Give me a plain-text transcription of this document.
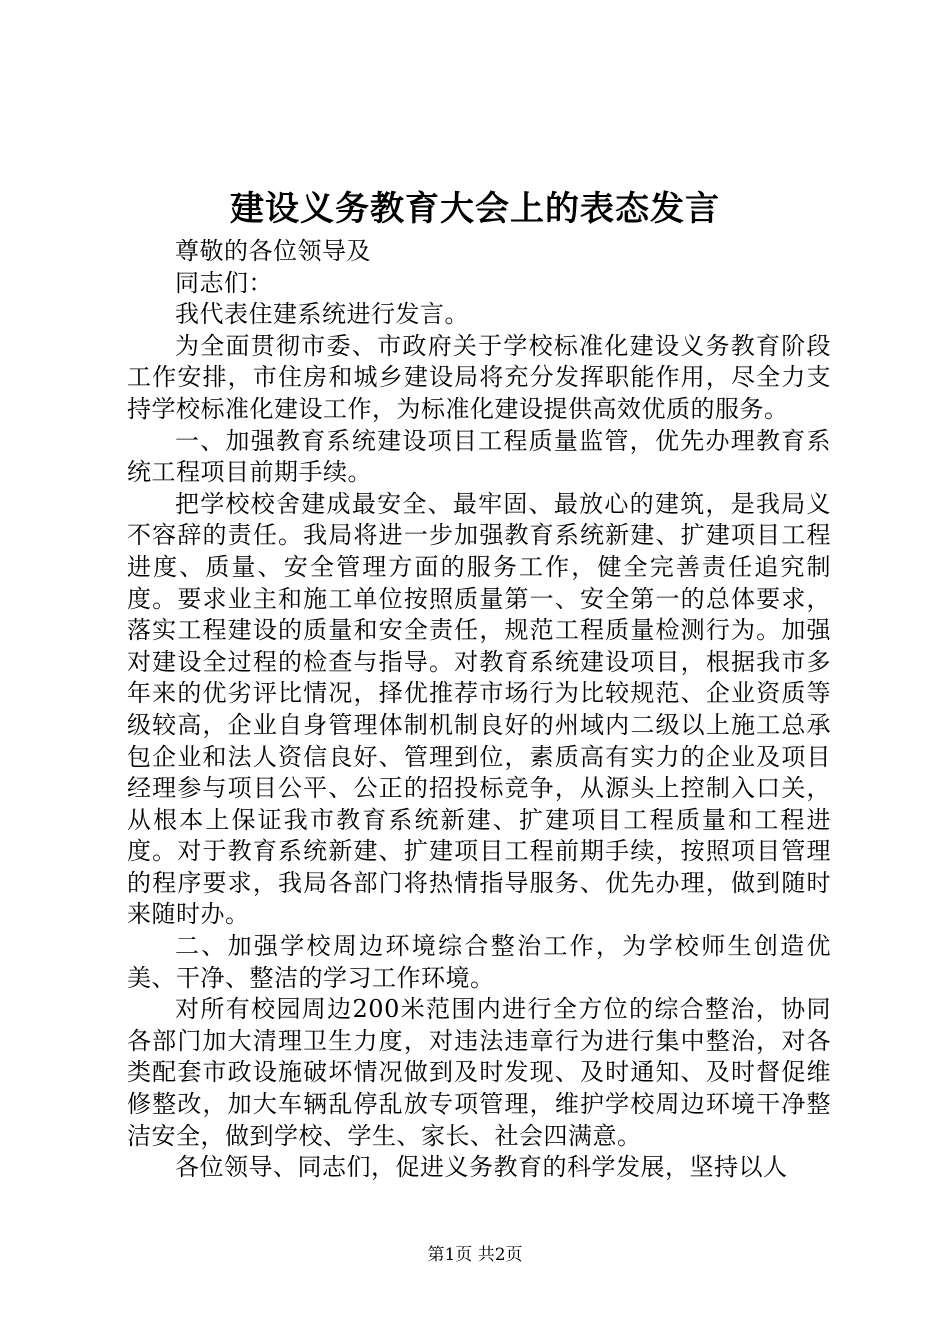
建设义务教育大会上的表态发言

尊敬的各位领导及

同志们：

我代表住建系统进行发言。

为全面贯彻市委、市政府关于学校标准化建设义务教育阶段工作安排，市住房和城乡建设局将充分发挥职能作用，尽全力支持学校标准化建设工作，为标准化建设提供高效优质的服务。

一、加强教育系统建设项目工程质量监管，优先办理教育系统工程项目前期手续。

把学校校舍建成最安全、最牢固、最放心的建筑，是我局义不容辞的责任。我局将进一步加强教育系统新建、扩建项目工程进度、质量、安全管理方面的服务工作，健全完善责任追究制度。要求业主和施工单位按照质量第一、安全第一的总体要求，落实工程建设的质量和安全责任，规范工程质量检测行为。加强对建设全过程的检查与指导。对教育系统建设项目，根据我市多年来的优劣评比情况，择优推荐市场行为比较规范、企业资质等级较高，企业自身管理体制机制良好的州域内二级以上施工总承包企业和法人资信良好、管理到位，素质高有实力的企业及项目经理参与项目公平、公正的招投标竞争，从源头上控制入口关，从根本上保证我市教育系统新建、扩建项目工程质量和工程进度。对于教育系统新建、扩建项目工程前期手续，按照项目管理的程序要求，我局各部门将热情指导服务、优先办理，做到随时来随时办。

二、加强学校周边环境综合整治工作，为学校师生创造优美、干净、整洁的学习工作环境。

对所有校园周边200米范围内进行全方位的综合整治，协同各部门加大清理卫生力度，对违法违章行为进行集中整治，对各类配套市政设施破坏情况做到及时发现、及时通知、及时督促维修整改，加大车辆乱停乱放专项管理，维护学校周边环境干净整洁安全，做到学校、学生、家长、社会四满意。

各位领导、同志们，促进义务教育的科学发展，坚持以人

第1页 共2页
